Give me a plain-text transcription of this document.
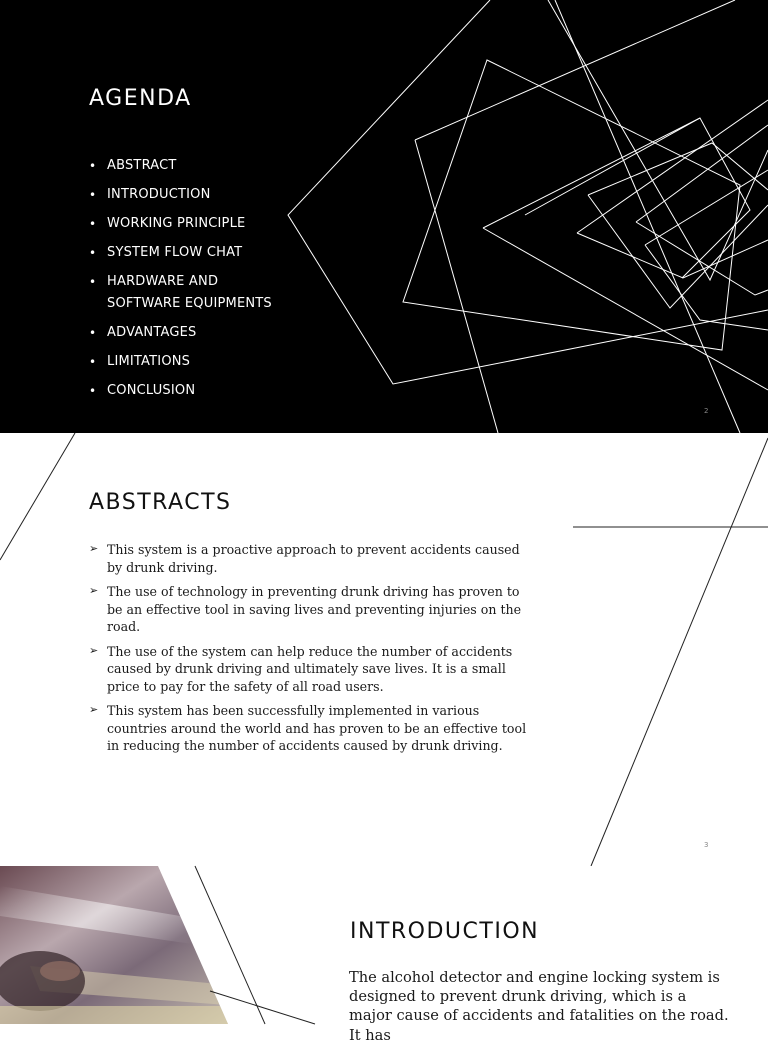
AGENDA
• ABSTRACT
• INTRODUCTION
• WORKING PRINCIPLE
• SYSTEM FLOW CHAT
• HARDWARE AND SOFTWARE EQUIPMENTS
• ADVANTAGES
• LIMITATIONS
• CONCLUSION
2
ABSTRACTS
➢ This system is a proactive approach to prevent accidents caused by drunk driving.
➢ The use of technology in preventing drunk driving has proven to be an effective tool in saving lives and preventing injuries on the road.
➢ The use of the system can help reduce the number of accidents caused by drunk driving and ultimately save lives. It is a small price to pay for the safety of all road users.
➢ This system has been successfully implemented in various countries around the world and has proven to be an effective tool in reducing the number of accidents caused by drunk driving.
3
INTRODUCTION

The alcohol detector and engine locking system is designed to prevent drunk driving, which is a major cause of accidents and fatalities on the road. It has
